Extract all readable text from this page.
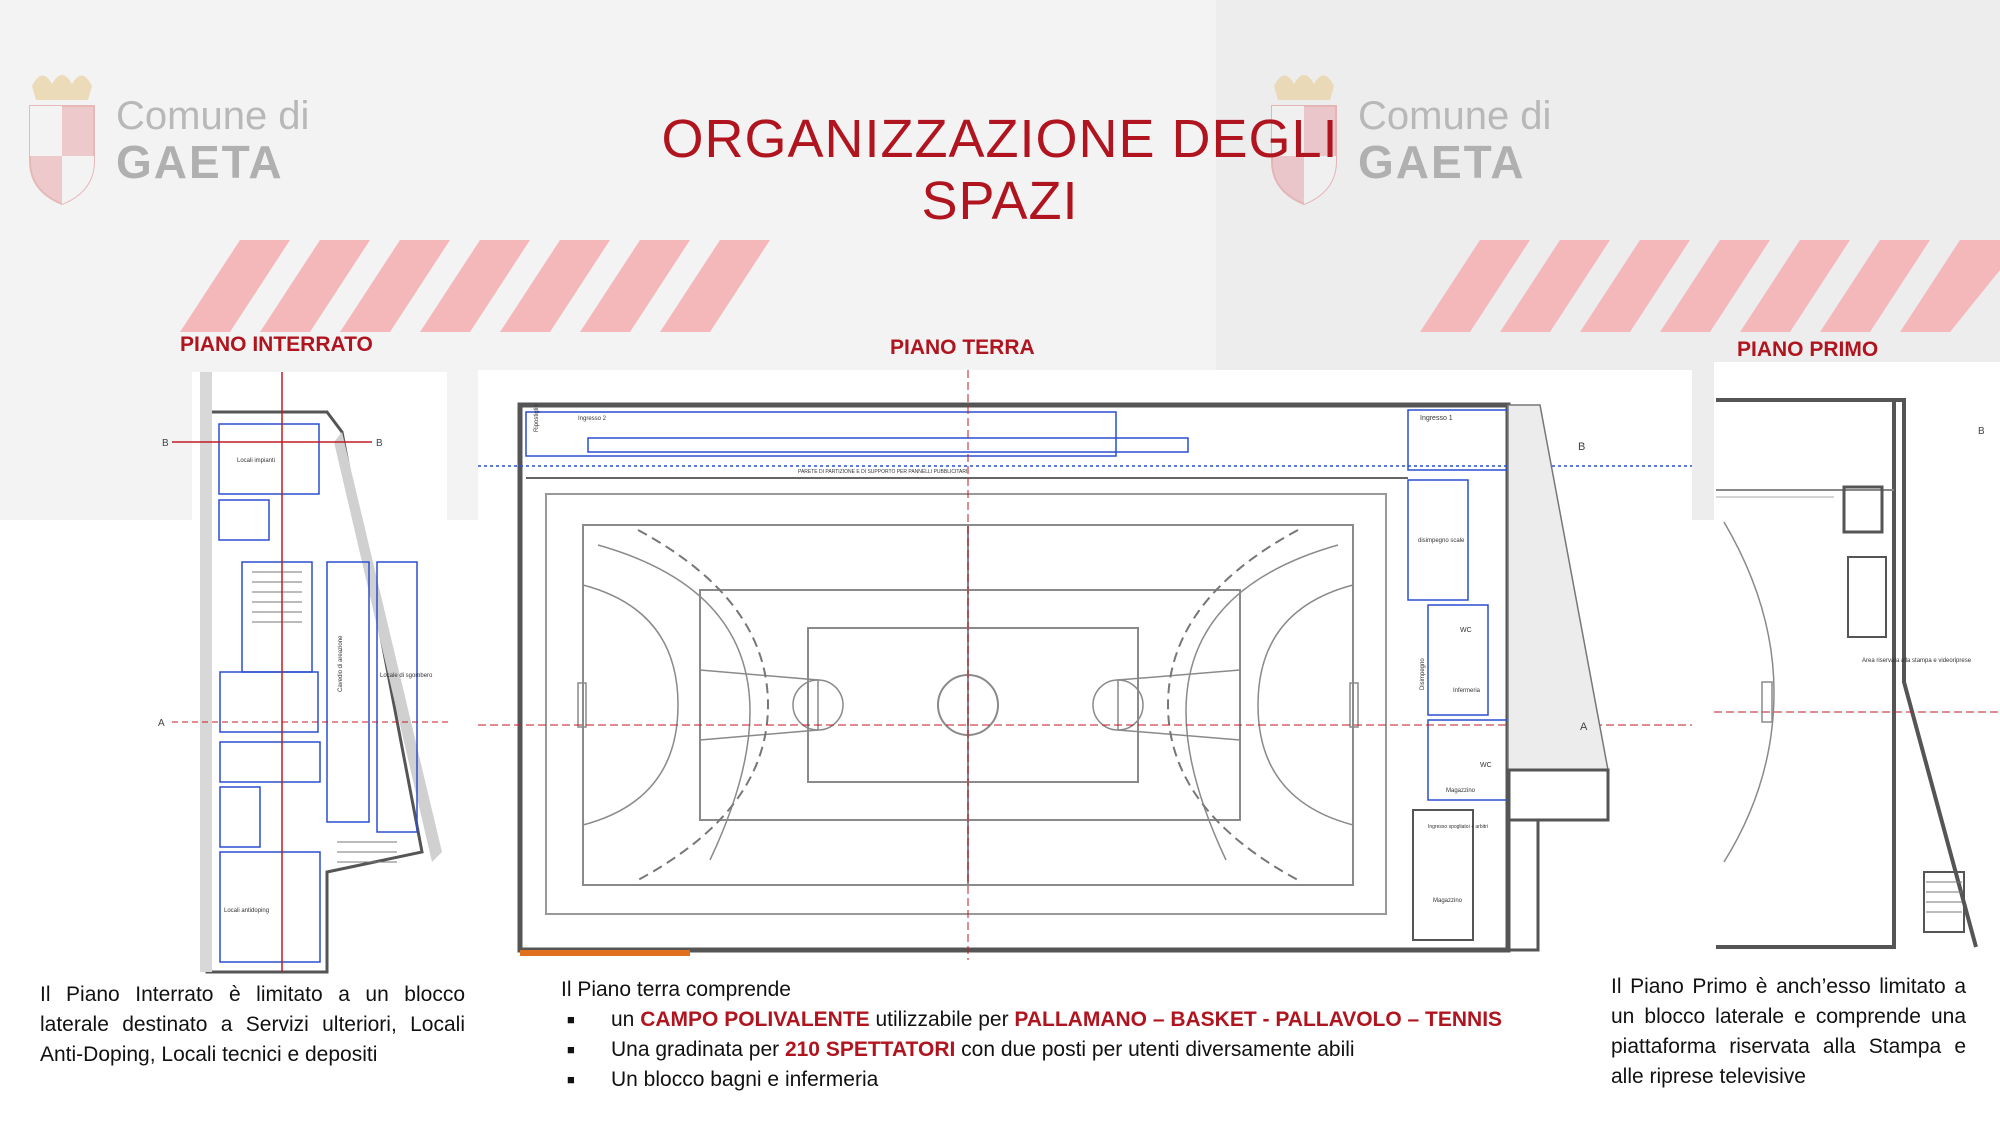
Comune di
GAETA
Comune di
GAETA
ORGANIZZAZIONE DEGLI SPAZI
PIANO INTERRATO	PIANO TERRA	PIANO PRIMO
B	B
A
Locali impianti
Cavedio di areazione	Locale di sgombero
Locali antidoping
PARETE DI PARTIZIONE E DI SUPPORTO PER PANNELLI PUBBLICITARI
A
B
Ripostiglio	Ingresso 2	Ingresso 1
disimpegno scale
Disimpegno
WC
Infermeria
WC
Magazzino
Ingresso spogliatoi + arbitri
Magazzino
Area riservata alla stampa e videoriprese
B
Il Piano Interrato è limitato a un blocco laterale destinato a Servizi ulteriori, Locali Anti-Doping, Locali tecnici e depositi
Il Piano terra comprende
■ un CAMPO POLIVALENTE utilizzabile per PALLAMANO – BASKET - PALLAVOLO – TENNIS
■ Una gradinata per 210 SPETTATORI con due posti per utenti diversamente abili
■ Un blocco bagni e infermeria
Il Piano Primo è anch’esso limitato a un blocco laterale e comprende una piattaforma riservata alla Stampa e alle riprese televisive
